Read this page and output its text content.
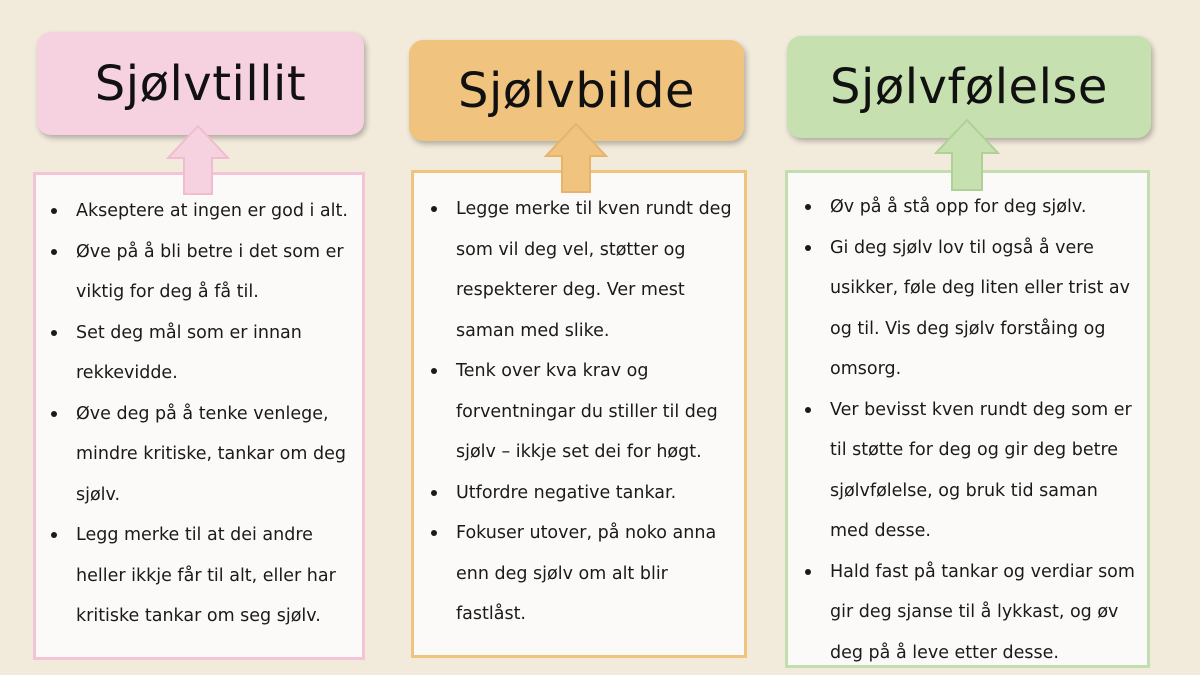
Sjølvtillit
Akseptere at ingen er god i alt.
Øve på å bli betre i det som er viktig for deg å få til.
Set deg mål som er innan rekkevidde.
Øve deg på å tenke venlege, mindre kritiske, tankar om deg sjølv.
Legg merke til at dei andre heller ikkje får til alt, eller har kritiske tankar om seg sjølv.
Sjølvbilde
Legge merke til kven rundt deg som vil deg vel, støtter og respekterer deg. Ver mest saman med slike.
Tenk over kva krav og forventningar du stiller til deg sjølv – ikkje set dei for høgt.
Utfordre negative tankar.
Fokuser utover, på noko anna enn deg sjølv om alt blir fastlåst.
Sjølvfølelse
Øv på å stå opp for deg sjølv.
Gi deg sjølv lov til også å vere usikker, føle deg liten eller trist av og til. Vis deg sjølv forståing og omsorg.
Ver bevisst kven rundt deg som er til støtte for deg og gir deg betre sjølvfølelse, og bruk tid saman med desse.
Hald fast på tankar og verdiar som gir deg sjanse til å lykkast, og øv deg på å leve etter desse.
